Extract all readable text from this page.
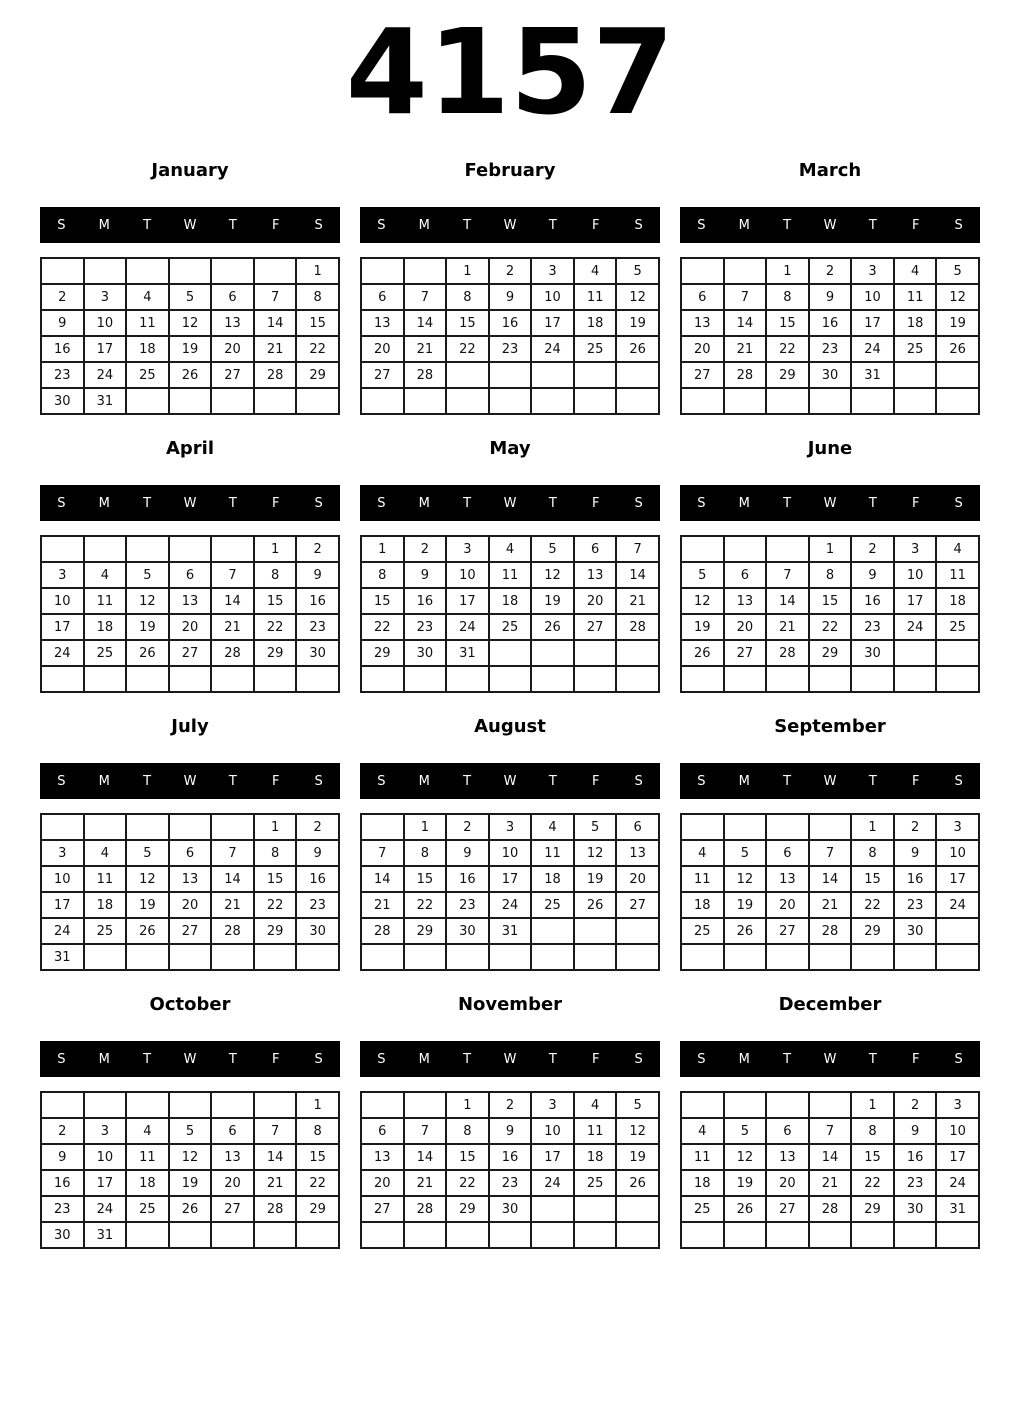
4157
January
S	M	T	W	T	F	S
						1
2	3	4	5	6	7	8
9	10	11	12	13	14	15
16	17	18	19	20	21	22
23	24	25	26	27	28	29
30	31					
February
S	M	T	W	T	F	S
		1	2	3	4	5
6	7	8	9	10	11	12
13	14	15	16	17	18	19
20	21	22	23	24	25	26
27	28					

March
S	M	T	W	T	F	S
		1	2	3	4	5
6	7	8	9	10	11	12
13	14	15	16	17	18	19
20	21	22	23	24	25	26
27	28	29	30	31		

April
S	M	T	W	T	F	S
					1	2
3	4	5	6	7	8	9
10	11	12	13	14	15	16
17	18	19	20	21	22	23
24	25	26	27	28	29	30

May
S	M	T	W	T	F	S
1	2	3	4	5	6	7
8	9	10	11	12	13	14
15	16	17	18	19	20	21
22	23	24	25	26	27	28
29	30	31				

June
S	M	T	W	T	F	S
			1	2	3	4
5	6	7	8	9	10	11
12	13	14	15	16	17	18
19	20	21	22	23	24	25
26	27	28	29	30		

July
S	M	T	W	T	F	S
					1	2
3	4	5	6	7	8	9
10	11	12	13	14	15	16
17	18	19	20	21	22	23
24	25	26	27	28	29	30
31						
August
S	M	T	W	T	F	S
	1	2	3	4	5	6
7	8	9	10	11	12	13
14	15	16	17	18	19	20
21	22	23	24	25	26	27
28	29	30	31			

September
S	M	T	W	T	F	S
				1	2	3
4	5	6	7	8	9	10
11	12	13	14	15	16	17
18	19	20	21	22	23	24
25	26	27	28	29	30	

October
S	M	T	W	T	F	S
						1
2	3	4	5	6	7	8
9	10	11	12	13	14	15
16	17	18	19	20	21	22
23	24	25	26	27	28	29
30	31					
November
S	M	T	W	T	F	S
		1	2	3	4	5
6	7	8	9	10	11	12
13	14	15	16	17	18	19
20	21	22	23	24	25	26
27	28	29	30			

December
S	M	T	W	T	F	S
				1	2	3
4	5	6	7	8	9	10
11	12	13	14	15	16	17
18	19	20	21	22	23	24
25	26	27	28	29	30	31
